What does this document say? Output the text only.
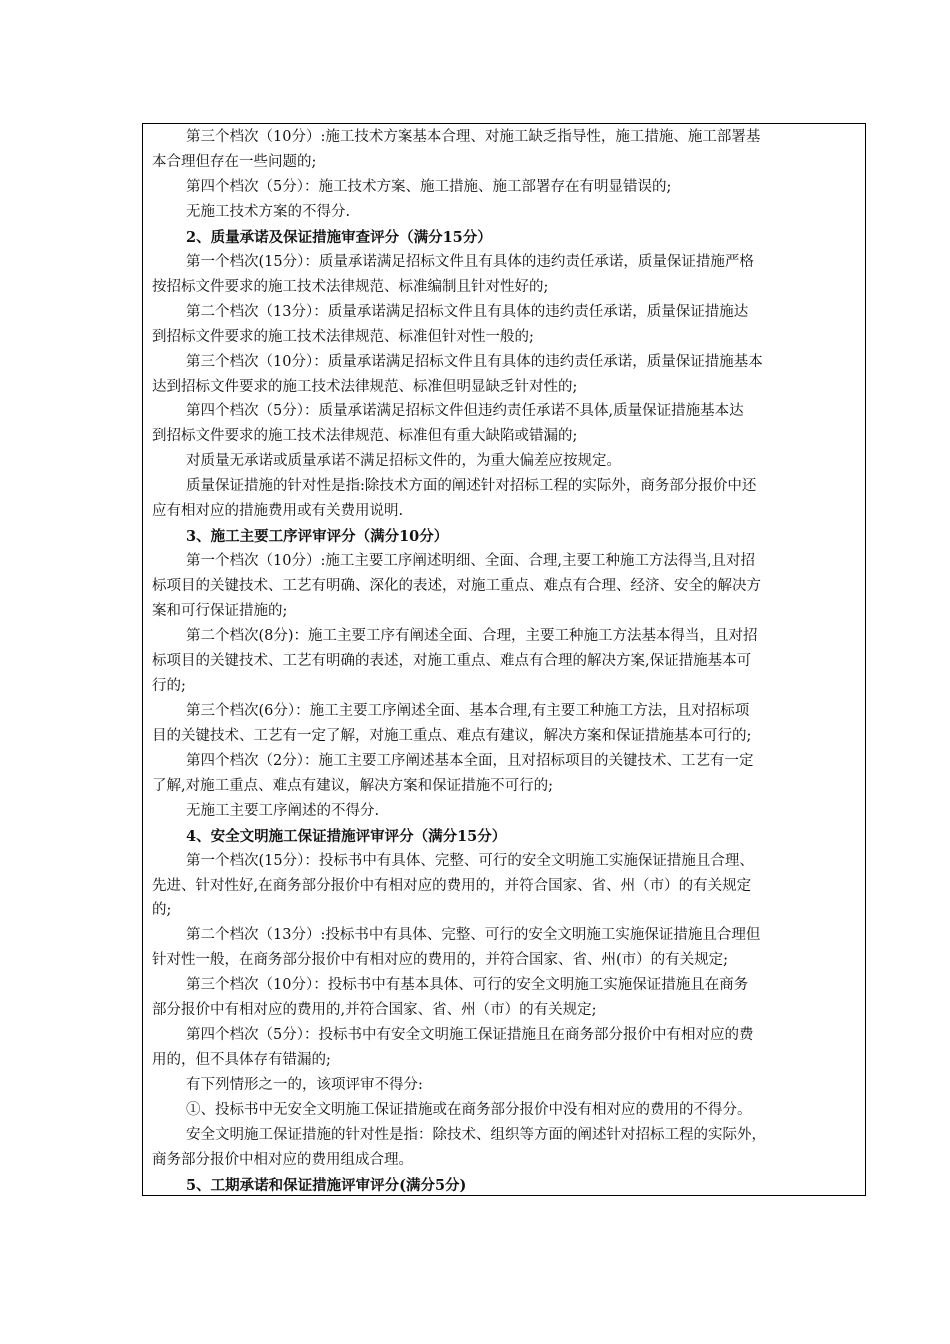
第三个档次（10分）:施工技术方案基本合理、对施工缺乏指导性，施工措施、施工部署基
本合理但存在一些问题的;
第四个档次（5分）：施工技术方案、施工措施、施工部署存在有明显错误的;
无施工技术方案的不得分.
2、质量承诺及保证措施审查评分（满分15分）
第一个档次(15分）：质量承诺满足招标文件且有具体的违约责任承诺，质量保证措施严格
按招标文件要求的施工技术法律规范、标准编制且针对性好的;
第二个档次（13分）：质量承诺满足招标文件且有具体的违约责任承诺，质量保证措施达
到招标文件要求的施工技术法律规范、标准但针对性一般的;
第三个档次（10分）：质量承诺满足招标文件且有具体的违约责任承诺，质量保证措施基本
达到招标文件要求的施工技术法律规范、标准但明显缺乏针对性的;
第四个档次（5分）：质量承诺满足招标文件但违约责任承诺不具体,质量保证措施基本达
到招标文件要求的施工技术法律规范、标准但有重大缺陷或错漏的;
对质量无承诺或质量承诺不满足招标文件的，为重大偏差应按规定。
质量保证措施的针对性是指:除技术方面的阐述针对招标工程的实际外，商务部分报价中还
应有相对应的措施费用或有关费用说明.
3、施工主要工序评审评分（满分10分）
第一个档次（10分）:施工主要工序阐述明细、全面、合理,主要工种施工方法得当,且对招
标项目的关键技术、工艺有明确、深化的表述，对施工重点、难点有合理、经济、安全的解决方
案和可行保证措施的;
第二个档次(8分)：施工主要工序有阐述全面、合理，主要工种施工方法基本得当，且对招
标项目的关键技术、工艺有明确的表述，对施工重点、难点有合理的解决方案,保证措施基本可
行的;
第三个档次(6分）：施工主要工序阐述全面、基本合理,有主要工种施工方法，且对招标项
目的关键技术、工艺有一定了解，对施工重点、难点有建议，解决方案和保证措施基本可行的;
第四个档次（2分）：施工主要工序阐述基本全面，且对招标项目的关键技术、工艺有一定
了解,对施工重点、难点有建议，解决方案和保证措施不可行的;
无施工主要工序阐述的不得分.
4、安全文明施工保证措施评审评分（满分15分）
第一个档次(15分）：投标书中有具体、完整、可行的安全文明施工实施保证措施且合理、
先进、针对性好,在商务部分报价中有相对应的费用的，并符合国家、省、州（市）的有关规定
的;
第二个档次（13分）:投标书中有具体、完整、可行的安全文明施工实施保证措施且合理但
针对性一般，在商务部分报价中有相对应的费用的，并符合国家、省、州(市）的有关规定;
第三个档次（10分）：投标书中有基本具体、可行的安全文明施工实施保证措施且在商务
部分报价中有相对应的费用的,并符合国家、省、州（市）的有关规定;
第四个档次（5分）：投标书中有安全文明施工保证措施且在商务部分报价中有相对应的费
用的，但不具体存有错漏的;
有下列情形之一的，该项评审不得分:
①、投标书中无安全文明施工保证措施或在商务部分报价中没有相对应的费用的不得分。
安全文明施工保证措施的针对性是指：除技术、组织等方面的阐述针对招标工程的实际外，
商务部分报价中相对应的费用组成合理。
5、工期承诺和保证措施评审评分(满分5分)
